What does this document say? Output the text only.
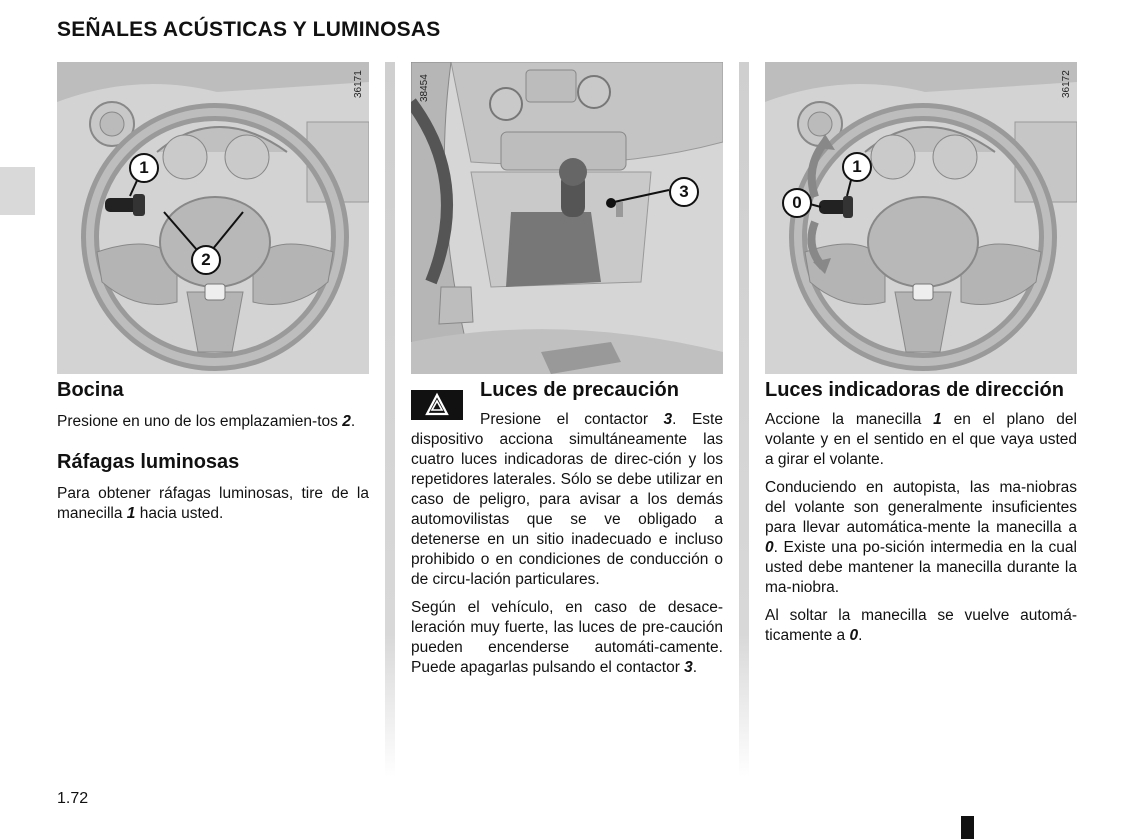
SEÑALES ACÚSTICAS Y LUMINOSAS
1
2
36171
3
38454
1
0
36172
Bocina

Presione en uno de los emplazamien-tos 2.

Ráfagas luminosas

Para obtener ráfagas luminosas, tire de la manecilla 1 hacia usted.

Luces de precaución

Presione el contactor 3. Este dispositivo acciona simultáneamente las cuatro luces indicadoras de direc-ción y los repetidores laterales. Sólo se debe utilizar en caso de peligro, para avisar a los demás automovilistas que se ve obligado a detenerse en un sitio inadecuado e incluso prohibido o en condiciones de conducción o de circu-lación particulares.

Según el vehículo, en caso de desace-leración muy fuerte, las luces de pre-caución pueden encenderse automáti-camente. Puede apagarlas pulsando el contactor 3.

Luces indicadoras de dirección

Accione la manecilla 1 en el plano del volante y en el sentido en el que vaya usted a girar el volante.

Conduciendo en autopista, las ma-niobras del volante son generalmente insuficientes para llevar automática-mente la manecilla a 0. Existe una po-sición intermedia en la cual usted debe mantener la manecilla durante la ma-niobra.

Al soltar la manecilla se vuelve automá-ticamente a 0.

1.72
